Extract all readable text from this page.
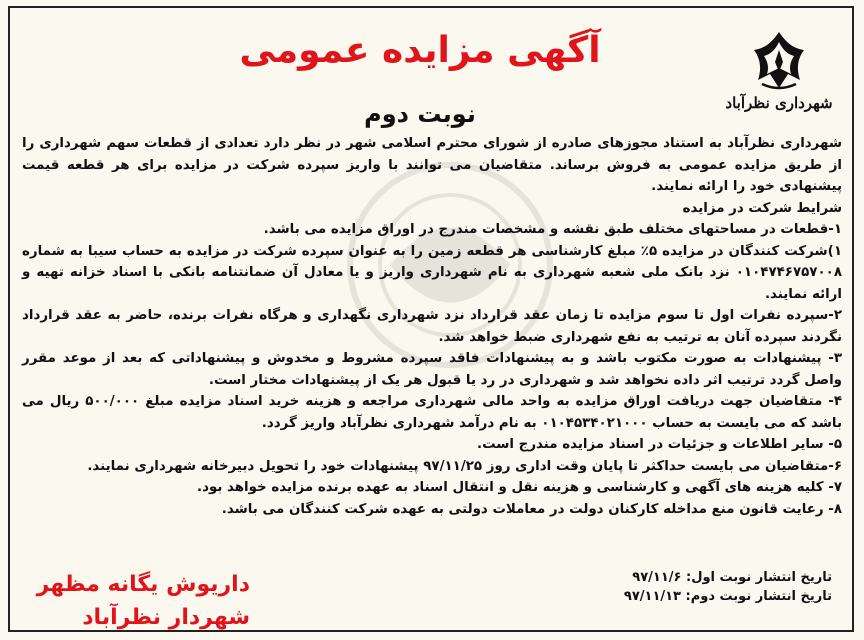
شهرداری نظرآباد
آگهی مزایده عمومی
نوبت دوم

شهرداری نظرآباد به استناد مجوزهای صادره از شورای محترم اسلامی شهر در نظر دارد تعدادی از قطعات سهم شهرداری را از طریق مزایده عمومی به فروش برساند. متقاضیان می توانند با واریز سپرده شرکت در مزایده برای هر قطعه قیمت پیشنهادی خود را ارائه نمایند.

شرایط شرکت در مزایده

۱-قطعات در مساحتهای مختلف طبق نقشه و مشخصات مندرج در اوراق مزایده می باشد.

۱)شرکت کنندگان در مزایده ۵٪ مبلغ کارشناسی هر قطعه زمین را به عنوان سپرده شرکت در مزایده به حساب سیبا به شماره ۰۱۰۴۷۴۶۷۵۷۰۰۸ نزد بانک ملی شعبه شهرداری به نام شهرداری واریز و یا معادل آن ضمانتنامه بانکی با اسناد خزانه تهیه و ارائه نمایند.

۲-سپرده نفرات اول تا سوم مزایده تا زمان عقد قرارداد نزد شهرداری نگهداری و هرگاه نفرات برنده، حاضر به عقد قرارداد نگردند سپرده آنان به ترتیب به نفع شهرداری ضبط خواهد شد.

۳- پیشنهادات به صورت مکتوب باشد و به پیشنهادات فاقد سپرده مشروط و مخدوش و پیشنهاداتی که بعد از موعد مقرر واصل گردد ترتیب اثر داده نخواهد شد و شهرداری در رد یا قبول هر یک از پیشنهادات مختار است.

۴- متقاضیان جهت دریافت اوراق مزایده به واحد مالی شهرداری مراجعه و هزینه خرید اسناد مزایده مبلغ ۵۰۰/۰۰۰ ریال می باشد که می بایست به حساب ۰۱۰۴۵۳۴۰۲۱۰۰۰ به نام درآمد شهرداری نظرآباد واریز گردد.

۵- سایر اطلاعات و جزئیات در اسناد مزایده مندرج است.

۶-متقاضیان می بایست حداکثر تا پایان وقت اداری روز ۹۷/۱۱/۲۵ پیشنهادات خود را تحویل دبیرخانه شهرداری نمایند.

۷- کلیه هزینه های آگهی و کارشناسی و هزینه نقل و انتقال اسناد به عهده برنده مزایده خواهد بود.

۸- رعایت قانون منع مداخله کارکنان دولت در معاملات دولتی به عهده شرکت کنندگان می باشد.

تاریخ انتشار نوبت اول: ۹۷/۱۱/۶
تاریخ انتشار نوبت دوم: ۹۷/۱۱/۱۳
داریوش یگانه مظهر
شهردار نظرآباد
